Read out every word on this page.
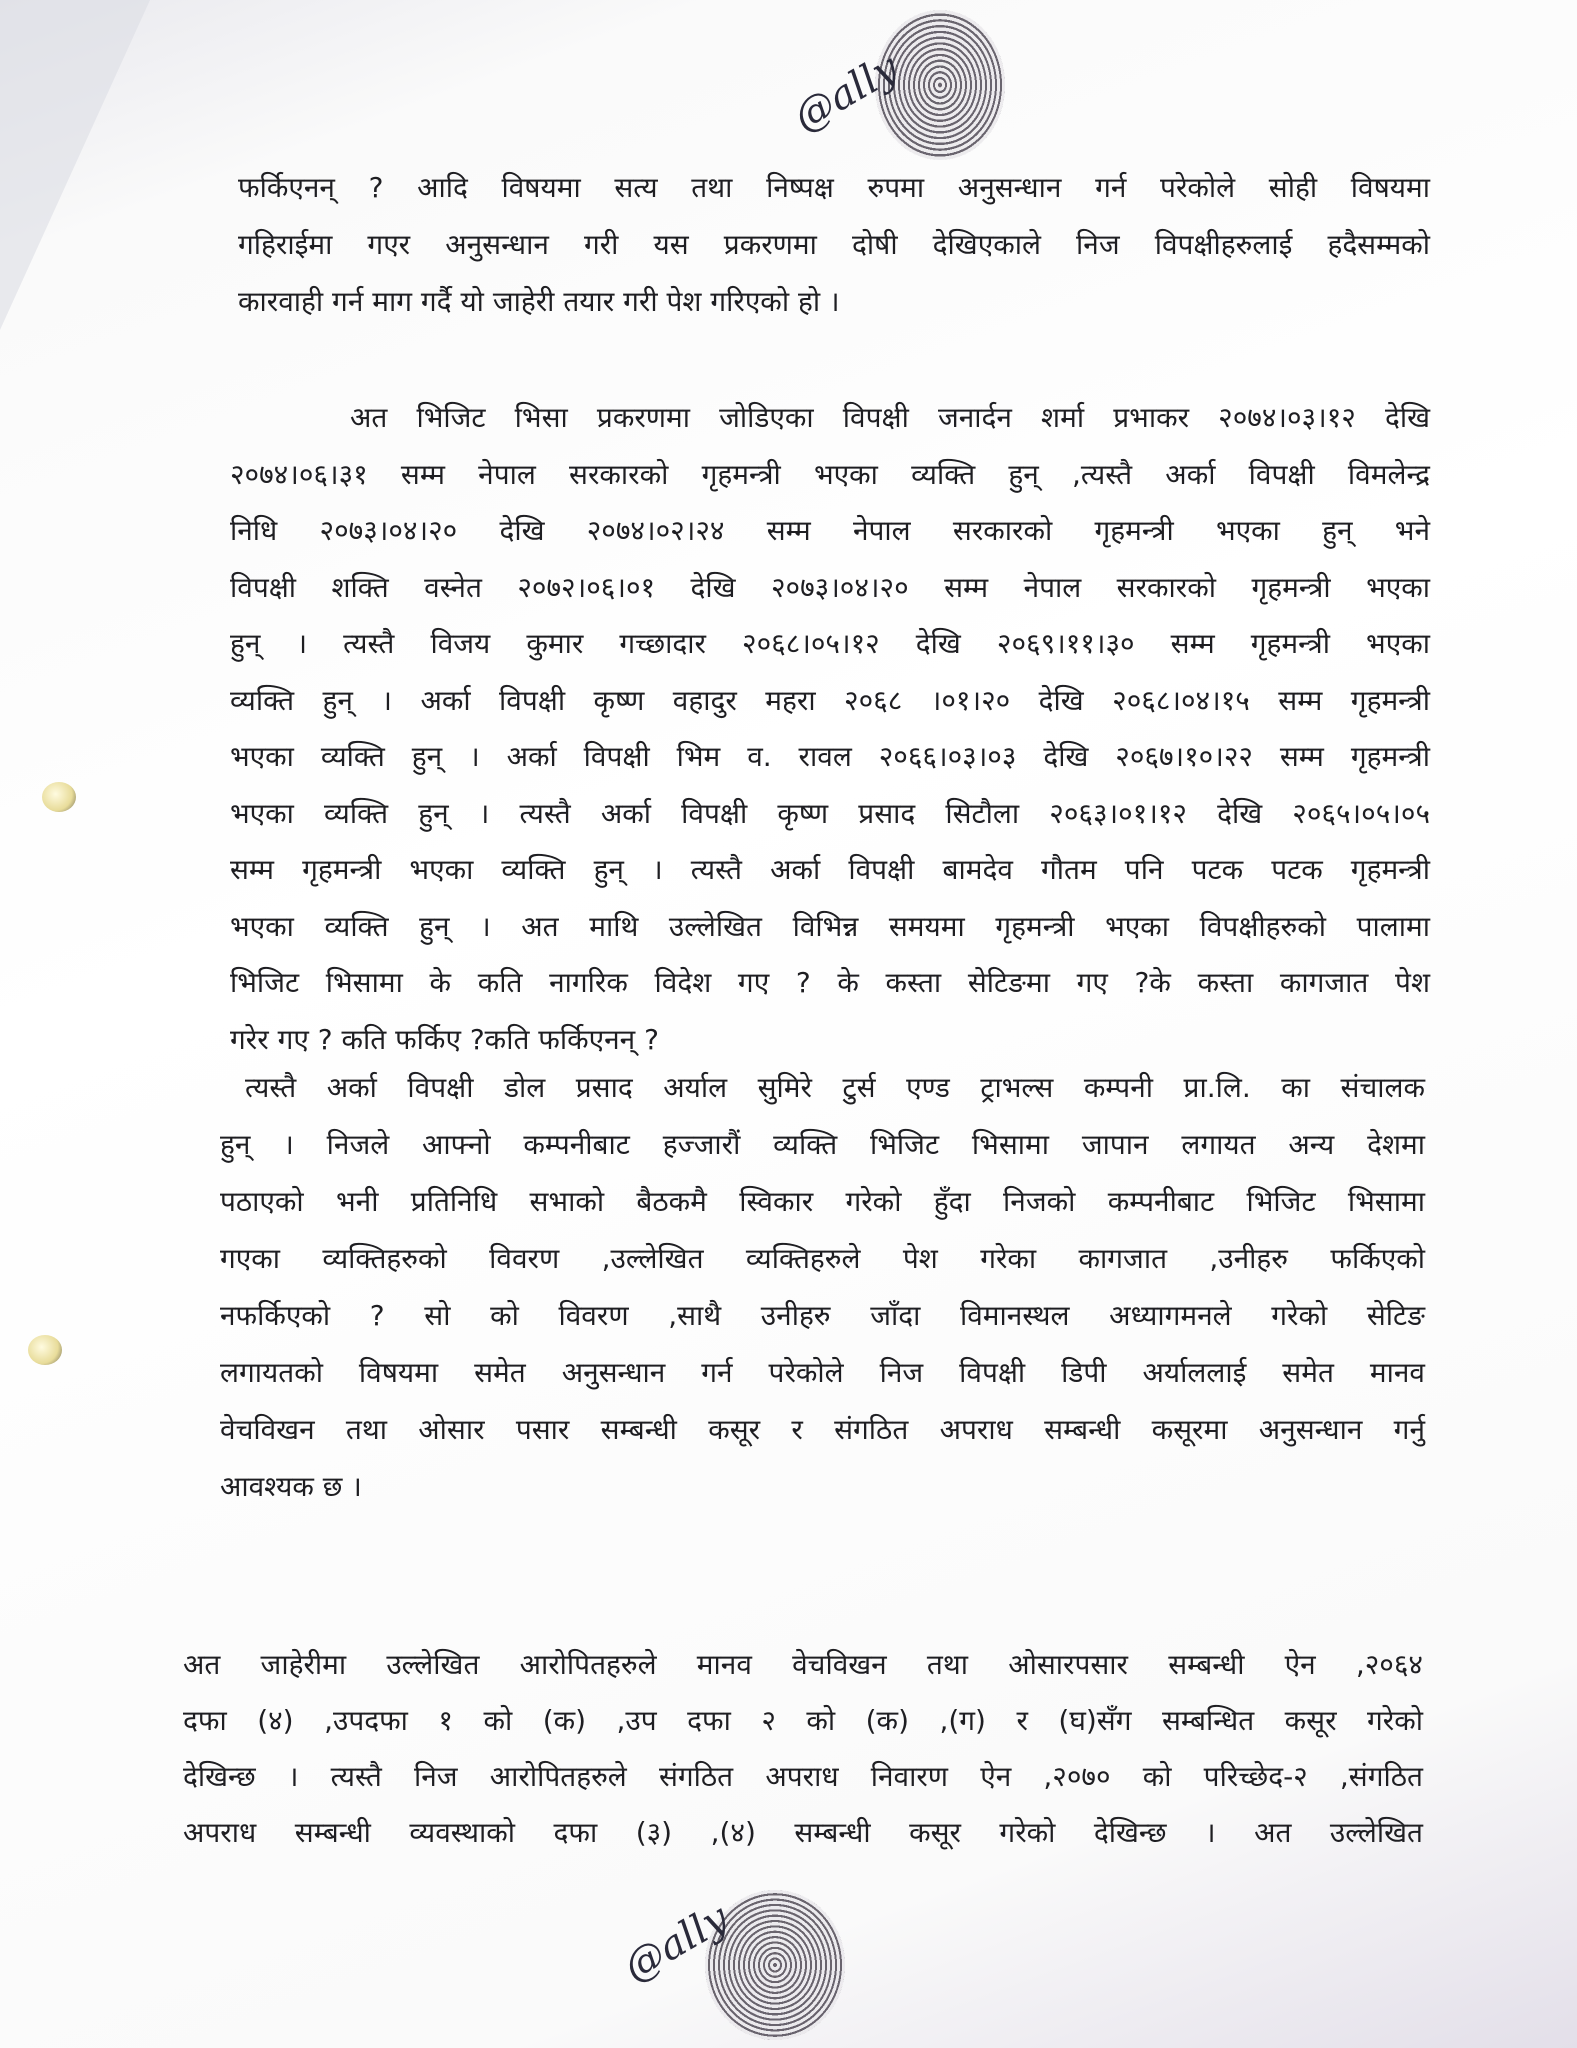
@ally
@ally
फर्किएनन् ? आदि विषयमा सत्य तथा निष्पक्ष रुपमा अनुसन्धान गर्न परेकोले सोही विषयमा
गहिराईमा गएर अनुसन्धान गरी यस प्रकरणमा दोषी देखिएकाले निज विपक्षीहरुलाई हदैसम्मको
कारवाही गर्न माग गर्दै यो जाहेरी तयार गरी पेश गरिएको हो ।
अत भिजिट भिसा प्रकरणमा जोडिएका विपक्षी जनार्दन शर्मा प्रभाकर २०७४।०३।१२ देखि
२०७४।०६।३१ सम्म नेपाल सरकारको गृहमन्त्री भएका व्यक्ति हुन् ,त्यस्तै अर्का विपक्षी विमलेन्द्र
निधि २०७३।०४।२० देखि २०७४।०२।२४ सम्म नेपाल सरकारको गृहमन्त्री भएका हुन् भने
विपक्षी शक्ति वस्नेत २०७२।०६।०१ देखि २०७३।०४।२० सम्म नेपाल सरकारको गृहमन्त्री भएका
हुन् । त्यस्तै विजय कुमार गच्छादार २०६८।०५।१२ देखि २०६९।११।३० सम्म गृहमन्त्री भएका
व्यक्ति हुन् । अर्का विपक्षी कृष्ण वहादुर महरा २०६८ ।०१।२० देखि २०६८।०४।१५ सम्म गृहमन्त्री
भएका व्यक्ति हुन् । अर्का विपक्षी भिम व. रावल २०६६।०३।०३ देखि २०६७।१०।२२ सम्म गृहमन्त्री
भएका व्यक्ति हुन् । त्यस्तै अर्का विपक्षी कृष्ण प्रसाद सिटौला २०६३।०१।१२ देखि २०६५।०५।०५
सम्म गृहमन्त्री भएका व्यक्ति हुन् । त्यस्तै अर्का विपक्षी बामदेव गौतम पनि पटक पटक गृहमन्त्री
भएका व्यक्ति हुन् । अत माथि उल्लेखित विभिन्न समयमा गृहमन्त्री भएका विपक्षीहरुको पालामा
भिजिट भिसामा के कति नागरिक विदेश गए ? के कस्ता सेटिङमा गए ?के कस्ता कागजात पेश
गरेर गए ? कति फर्किए ?कति फर्किएनन् ?
त्यस्तै अर्का विपक्षी डोल प्रसाद अर्याल सुमिरे टुर्स एण्ड ट्राभल्स कम्पनी प्रा.लि. का संचालक
हुन् । निजले आफ्नो कम्पनीबाट हज्जारौं व्यक्ति भिजिट भिसामा जापान लगायत अन्य देशमा
पठाएको भनी प्रतिनिधि सभाको बैठकमै स्विकार गरेको हुँदा निजको कम्पनीबाट भिजिट भिसामा
गएका व्यक्तिहरुको विवरण ,उल्लेखित व्यक्तिहरुले पेश गरेका कागजात ,उनीहरु फर्किएको
नफर्किएको ? सो को विवरण ,साथै उनीहरु जाँदा विमानस्थल अध्यागमनले गरेको सेटिङ
लगायतको विषयमा समेत अनुसन्धान गर्न परेकोले निज विपक्षी डिपी अर्याललाई समेत मानव
वेचविखन तथा ओसार पसार सम्बन्धी कसूर र संगठित अपराध सम्बन्धी कसूरमा अनुसन्धान गर्नु
आवश्यक छ ।
अत जाहेरीमा उल्लेखित आरोपितहरुले मानव वेचविखन तथा ओसारपसार सम्बन्धी ऐन ,२०६४
दफा (४) ,उपदफा १ को (क) ,उप दफा २ को (क) ,(ग) र (घ)सँग सम्बन्धित कसूर गरेको
देखिन्छ । त्यस्तै निज आरोपितहरुले संगठित अपराध निवारण ऐन ,२०७० को परिच्छेद-२ ,संगठित
अपराध सम्बन्धी व्यवस्थाको दफा (३) ,(४) सम्बन्धी कसूर गरेको देखिन्छ । अत उल्लेखित
